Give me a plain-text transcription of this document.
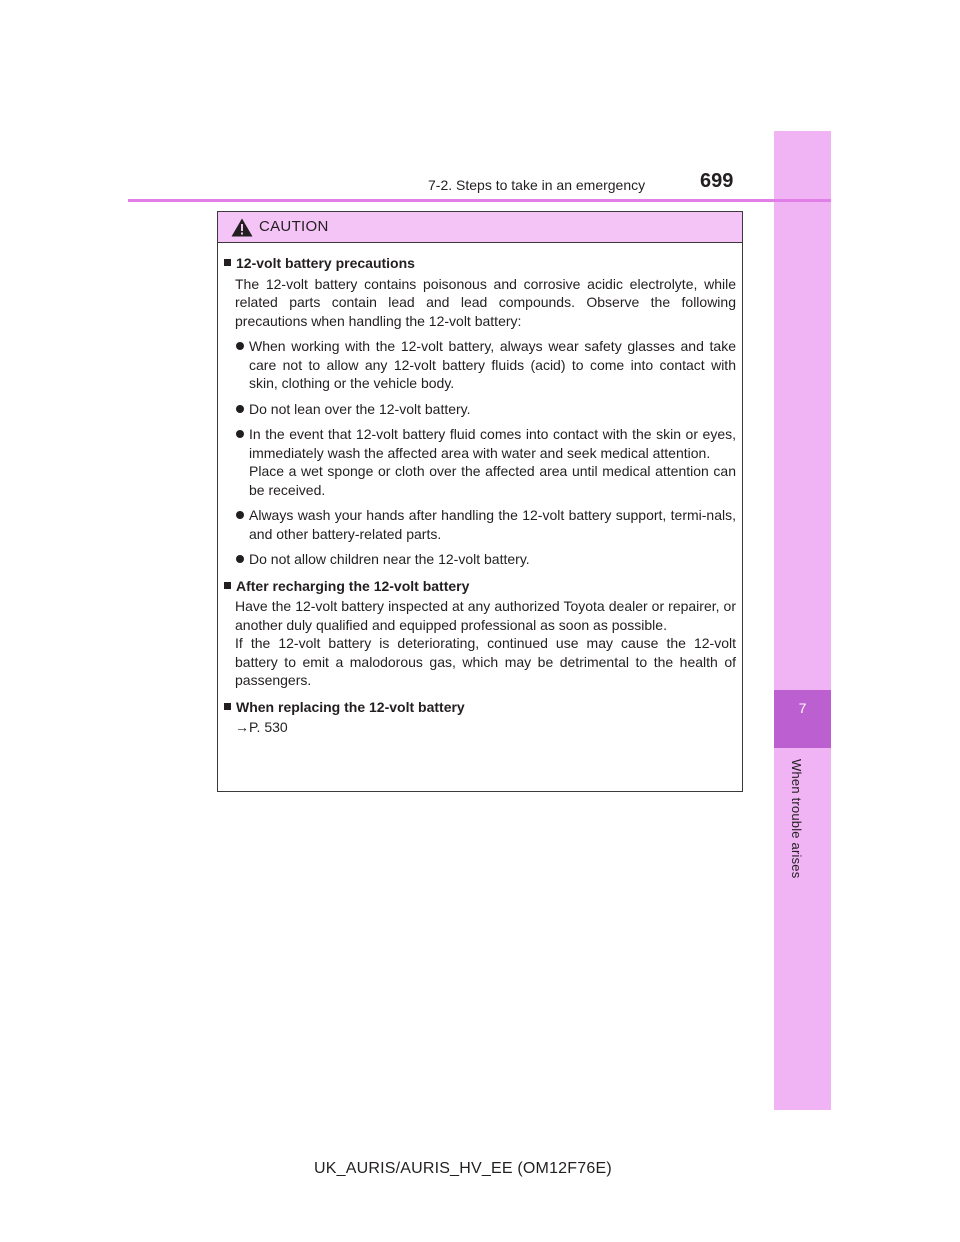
7
When trouble arises
7-2. Steps to take in an emergency	699
CAUTION
12-volt battery precautions
The 12-volt battery contains poisonous and corrosive acidic electrolyte, while related parts contain lead and lead compounds. Observe the following precautions when handling the 12-volt battery:
When working with the 12-volt battery, always wear safety glasses and take care not to allow any 12-volt battery fluids (acid) to come into contact with skin, clothing or the vehicle body.
Do not lean over the 12-volt battery.
In the event that 12-volt battery fluid comes into contact with the skin or eyes, immediately wash the affected area with water and seek medical attention.
Place a wet sponge or cloth over the affected area until medical attention can be received.
Always wash your hands after handling the 12-volt battery support, termi-nals, and other battery-related parts.
Do not allow children near the 12-volt battery.
After recharging the 12-volt battery
Have the 12-volt battery inspected at any authorized Toyota dealer or repairer, or another duly qualified and equipped professional as soon as possible.
If the 12-volt battery is deteriorating, continued use may cause the 12-volt battery to emit a malodorous gas, which may be detrimental to the health of passengers.
When replacing the 12-volt battery
→P. 530
UK_AURIS/AURIS_HV_EE (OM12F76E)
